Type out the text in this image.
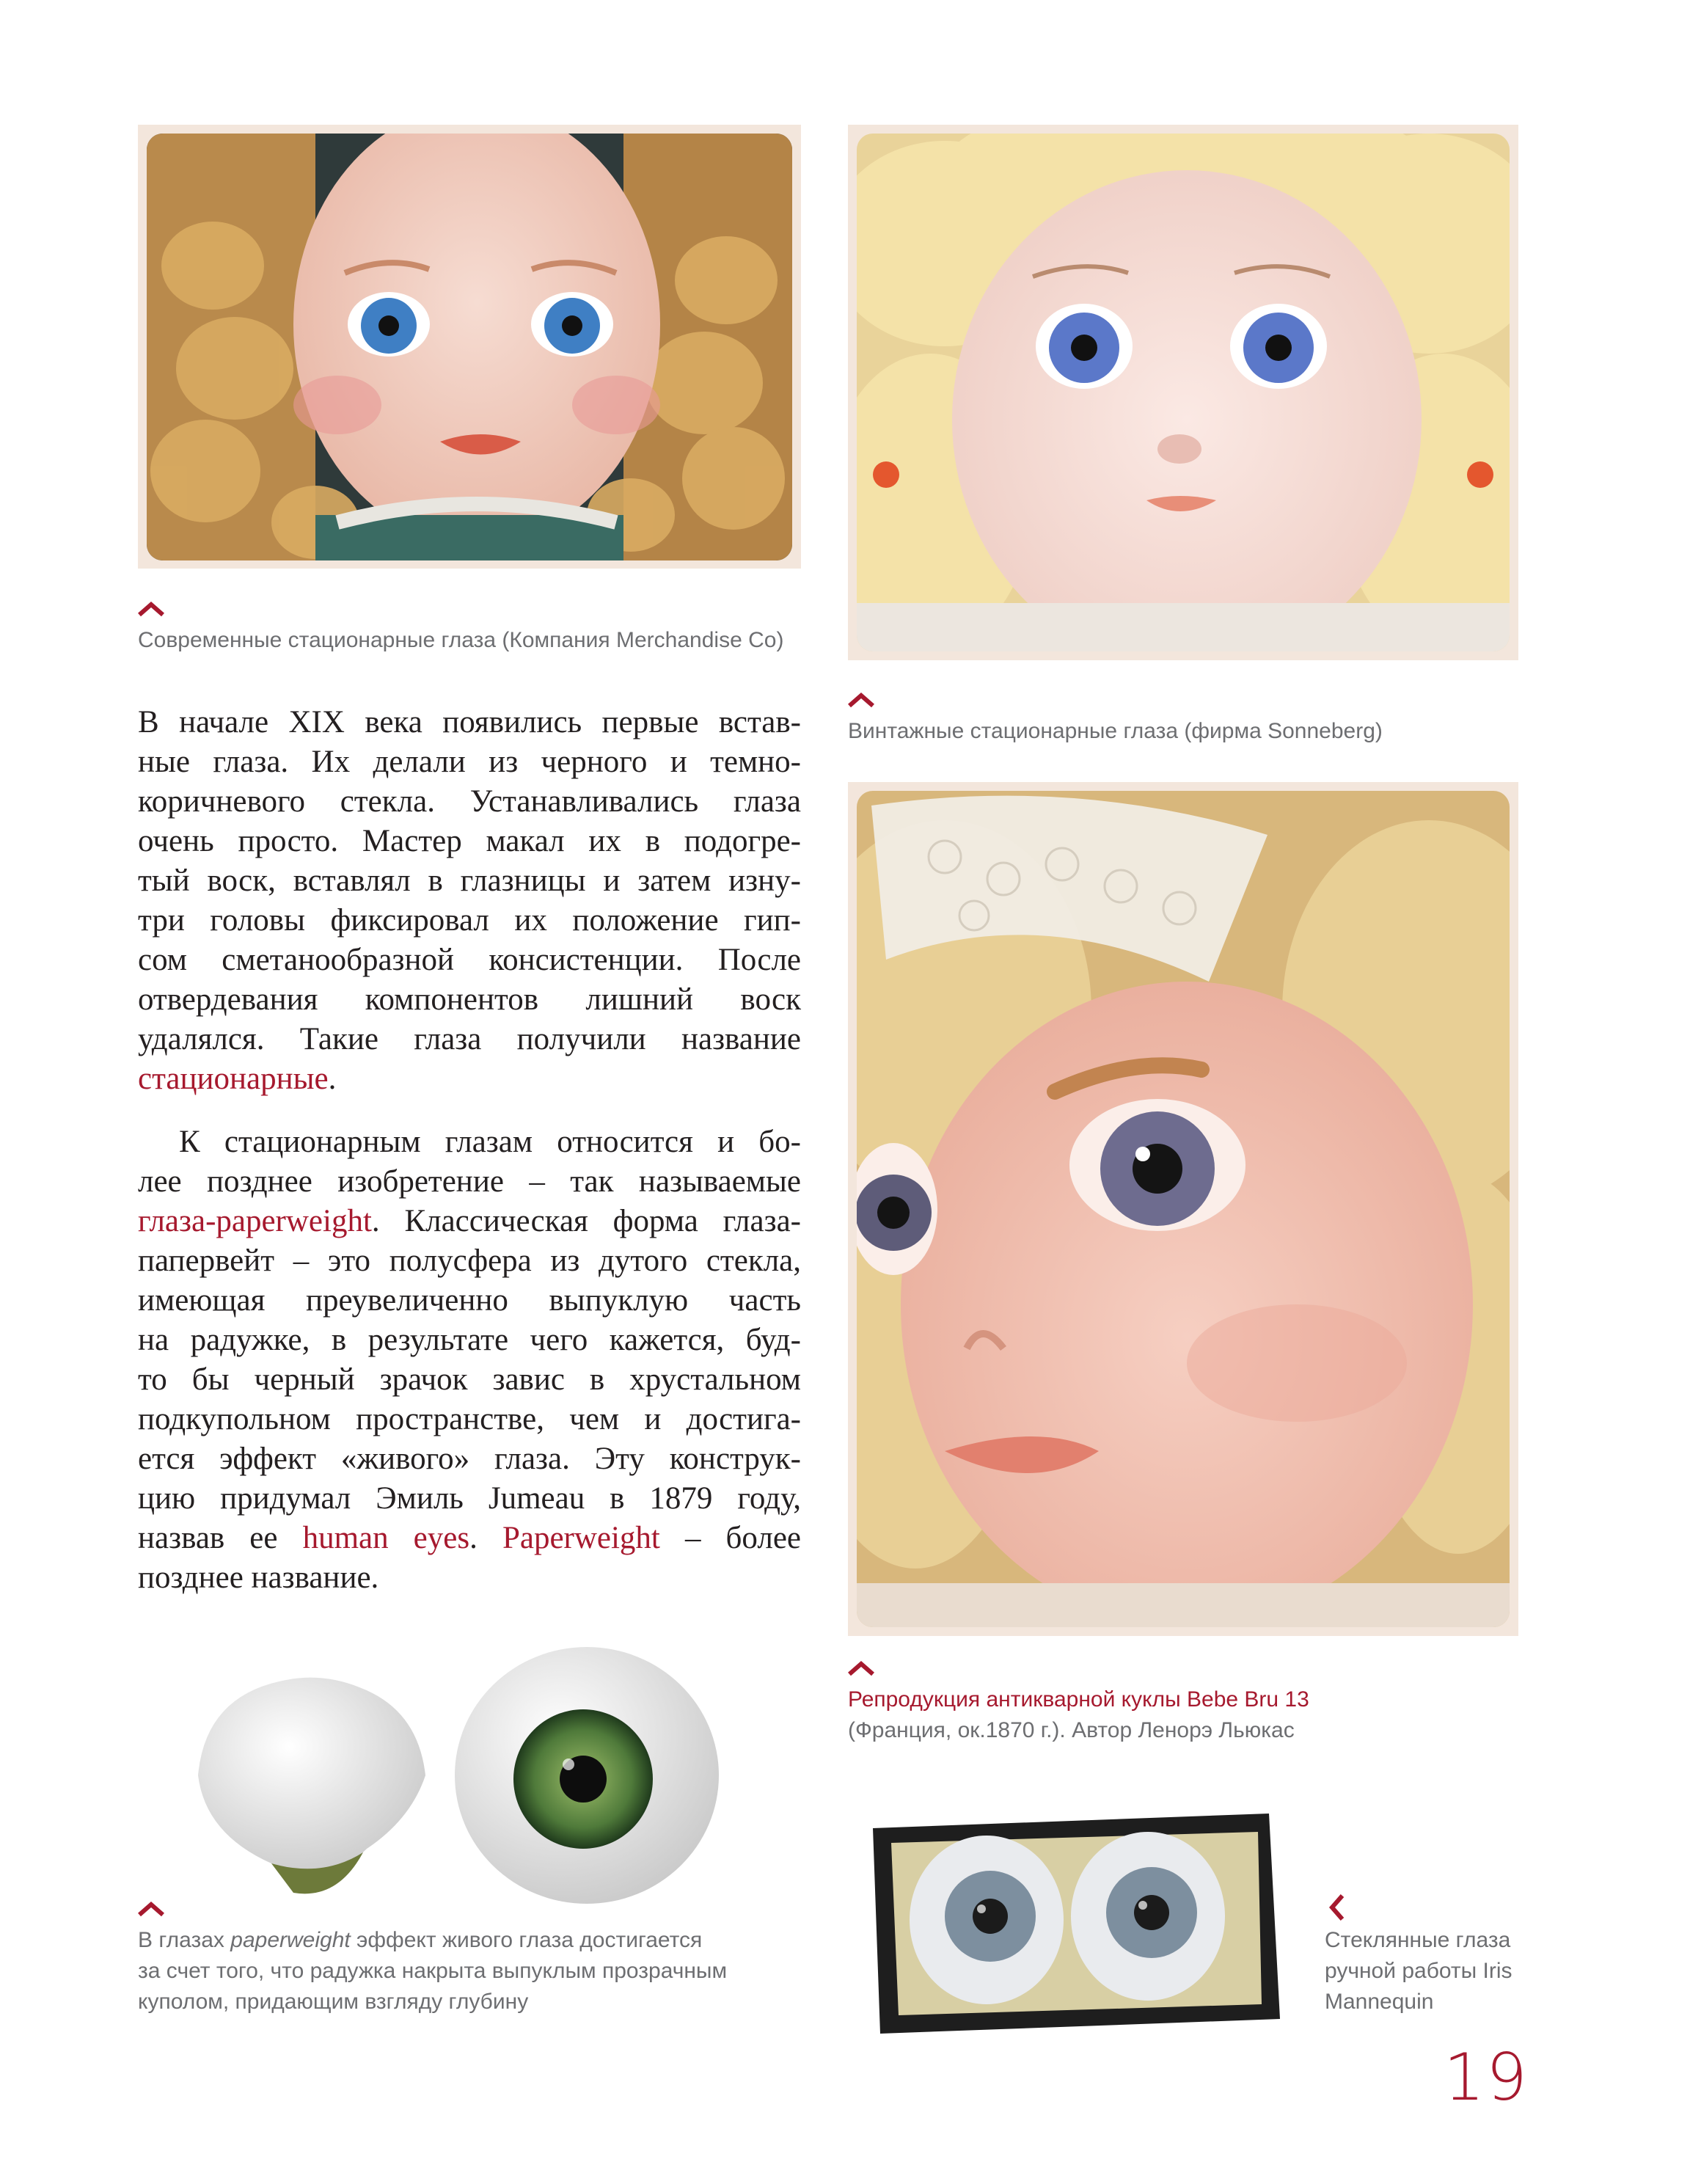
Современные стационарные глаза (Компания Merchandise Co)
Винтажные стационарные глаза (фирма Sonneberg)
В начале XIX века появились первые встав-
ные глаза. Их делали из черного и темно-
коричневого стекла. Устанавливались глаза
очень просто. Мастер макал их в подогре-
тый воск, вставлял в глазницы и затем изну-
три головы фиксировал их положение гип-
сом сметанообразной консистенции. После
отвердевания компонентов лишний воск
удалялся. Такие глаза получили название
стационарные.
К стационарным глазам относится и бо-
лее позднее изобретение – так называемые
глаза-paperweight. Классическая форма глаза-
папервейт – это полусфера из дутого стекла,
имеющая преувеличенно выпуклую часть
на радужке, в результате чего кажется, буд-
то бы черный зрачок завис в хрустальном
подкупольном пространстве, чем и достига-
ется эффект «живого» глаза. Эту конструк-
цию придумал Эмиль Jumeau в 1879 году,
назвав ее human eyes. Paperweight – более
позднее название.
Репродукция антикварной куклы Bebe Bru 13
(Франция, ок.1870 г.). Автор Ленорэ Льюкас
В глазах paperweight эффект живого глаза достигается
за счет того, что радужка накрыта выпуклым прозрачным
куполом, придающим взгляду глубину
Стеклянные глаза
ручной работы Iris
Mannequin
19
